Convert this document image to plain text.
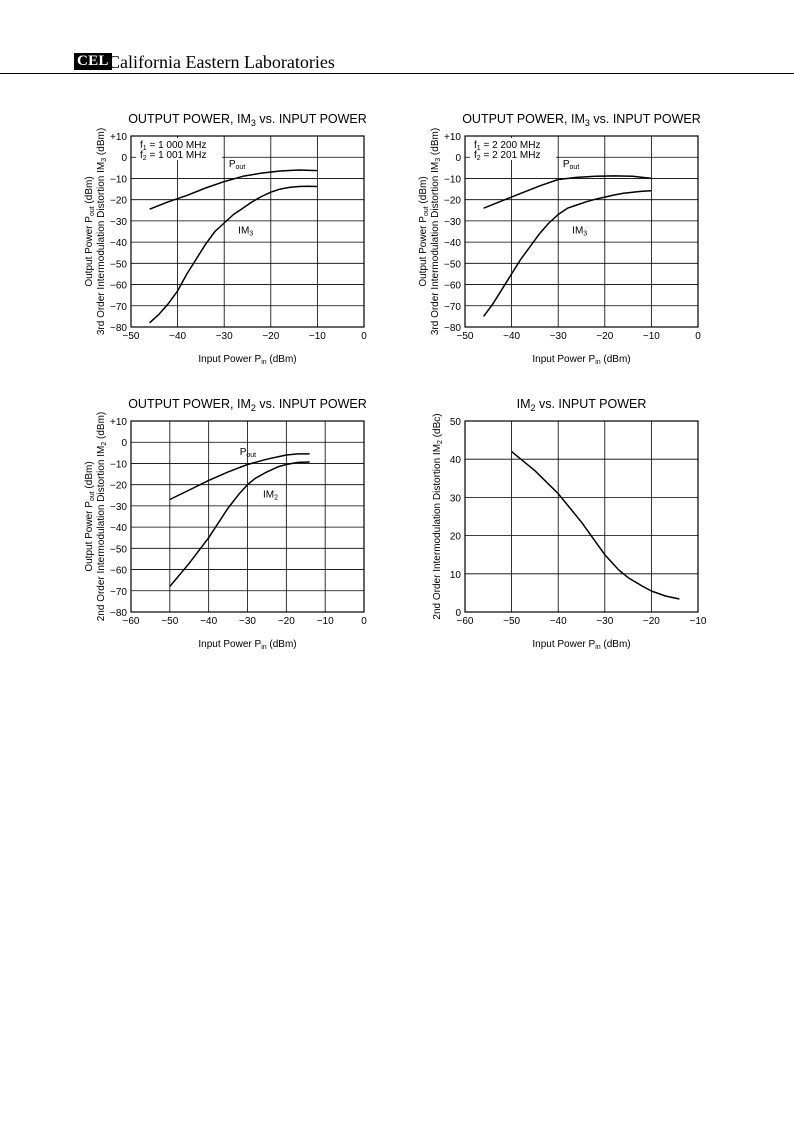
CEL California Eastern Laboratories
OUTPUT POWER, $IM_3$ vs. INPUT POWER
−50	−40	−30	−20	−10	0
+10
0
−10
−20
−30
−40
−50
−60
−70
−80
Input Power $P_{in}$ (dBm)
Output Power $P_{out}$ (dBm) 3rd Order Intermodulation Distortion $IM_3$ (dBm)	$f_1 = 1$ 000 MHz
$f_2 = 1$ 001 MHz
$P_{out}$
$IM_3$
OUTPUT POWER, $IM_3$ vs. INPUT POWER
−50	−40	−30	−20	−10	0
+10
0
−10
−20
−30
−40
−50
−60
−70
−80
Input Power $P_{in}$ (dBm)
Output Power $P_{out}$ (dBm) 3rd Order Intermodulation Distortion $IM_3$ (dBm)	$f_1 = 2$ 200 MHz
$f_2 = 2$ 201 MHz
$P_{out}$
$IM_3$
OUTPUT POWER, $IM_2$ vs. INPUT POWER
−60 −50 −40 −30 −20 −10	0
+10
0
−10
−20
−30
−40
−50
−60
−70
−80
Input Power $P_{in}$ (dBm)
Output Power $P_{out}$ (dBm) 2nd Order Intermodulation Distortion $IM_2$ (dBm)
$P_{out}$
$IM_2$
$IM_2$ vs. INPUT POWER
−60	−50	−40	−30	−20	−10
50
40
30
20
10
0
Input Power $P_{in}$ (dBm)
2nd Order Intermodulation Distortion $IM_2$ (dBc)
